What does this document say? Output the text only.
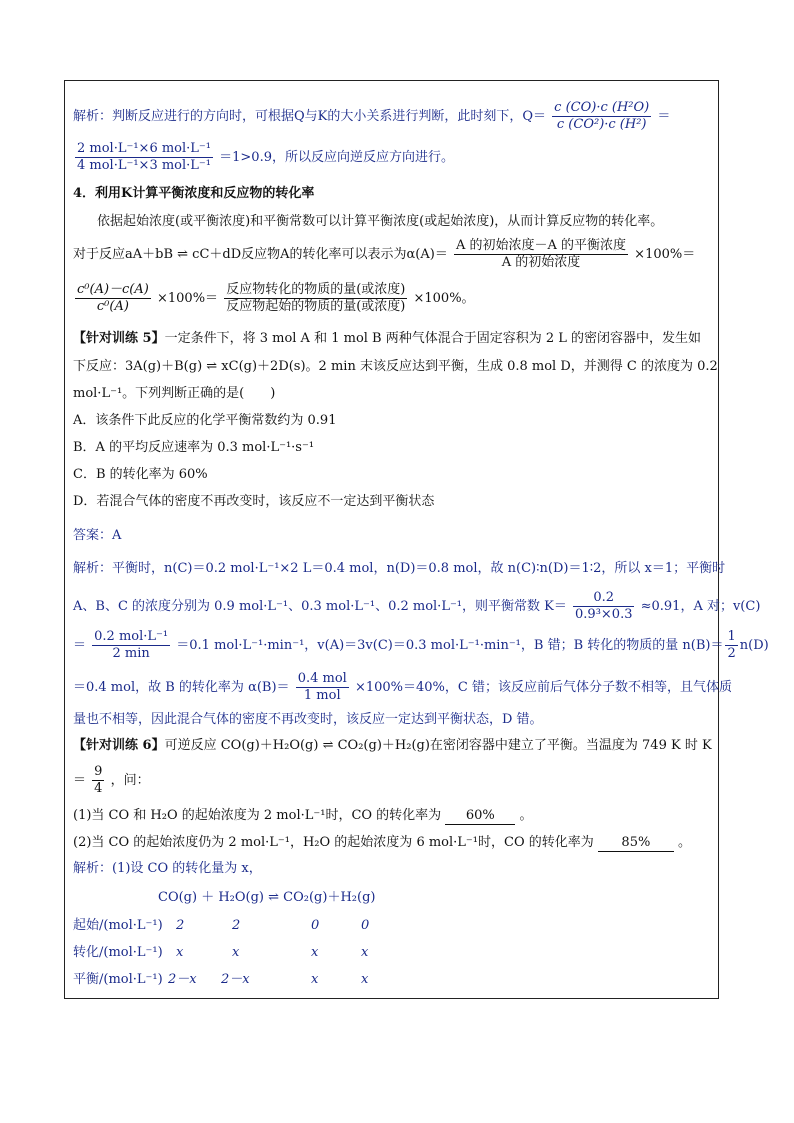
解析：判断反应进行的方向时，可根据Q与K的大小关系进行判断，此时刻下，$Q= \frac{\text{c (CO)·c (H²O)}}{\text{c (CO²)·c (H²)}}$ ＝
$\frac{\text{2 mol·L⁻¹×6 mol·L⁻¹}}{\text{4 mol·L⁻¹×3 mol·L⁻¹}} =1>0.9$，所以反应向逆反应方向进行。
4．利用K计算平衡浓度和反应物的转化率
依据起始浓度(或平衡浓度)和平衡常数可以计算平衡浓度(或起始浓度)，从而计算反应物的转化率。
对于反应aA＋bB ⇌ cC＋dD反应物A的转化率可以表示为$\alpha(A)= \frac{\text{A 的初始浓度－A 的平衡浓度}}{\text{A 的初始浓度}} \times 100\%=$
$\frac{\text{c⁰(A)－c(A)}}{\text{c⁰(A)}} \times 100\%= \frac{\text{反应物转化的物质的量(或浓度)}}{\text{反应物起始的物质的量(或浓度)}} \times 100\%$。
【针对训练 5】一定条件下，将 3 mol A 和 1 mol B 两种气体混合于固定容积为 2 L 的密闭容器中，发生如
下反应：3A(g)＋B(g) ⇌ xC(g)＋2D(s)。2 min 末该反应达到平衡，生成 0.8 mol D，并测得 C 的浓度为 0.2
mol·L⁻¹。下列判断正确的是(　　)
A．该条件下此反应的化学平衡常数约为 0.91
B．A 的平均反应速率为 0.3 mol·L⁻¹·s⁻¹
C．B 的转化率为 60%
D．若混合气体的密度不再改变时，该反应不一定达到平衡状态
答案：A
解析：平衡时，n(C)＝0.2 mol·L⁻¹×2 L＝0.4 mol，n(D)＝0.8 mol，故 n(C)∶n(D)＝1∶2，所以 x＝1；平衡时
A、B、C 的浓度分别为 0.9 mol·L⁻¹、0.3 mol·L⁻¹、0.2 mol·L⁻¹，则平衡常数 $K= \frac{0.2}{\text{0.9³×0.3}} \approx 0.91$，A 对；v(C)
＝ $\frac{\text{0.2 mol·L⁻¹}}{2 \min} =0.1$ mol·L⁻¹·min⁻¹，v(A)＝3v(C)＝0.3 mol·L⁻¹·min⁻¹，B 错；B 转化的物质的量 $n(B)= \frac{1}{2} n(D)$
＝0.4 mol，故 B 的转化率为 $\alpha(B)= \frac{\text{0.4 mol}}{\text{1 mol}} \times 100\%=40\%$，C 错；该反应前后气体分子数不相等，且气体质
量也不相等，因此混合气体的密度不再改变时，该反应一定达到平衡状态，D 错。
【针对训练 6】可逆反应 CO(g)＋H₂O(g) ⇌ CO₂(g)＋H₂(g)在密闭容器中建立了平衡。当温度为 749 K 时 K
＝ $\frac{9}{4}$ ，问：
(1)当 CO 和 H₂O 的起始浓度为 2 mol·L⁻¹时，CO 的转化率为 60% 。
(2)当 CO 的起始浓度仍为 2 mol·L⁻¹，H₂O 的起始浓度为 6 mol·L⁻¹时，CO 的转化率为 85% 。
解析：(1)设 CO 的转化量为 x，
CO(g) ＋ H₂O(g) ⇌ CO₂(g)＋H₂(g)
起始/(mol·L⁻¹) 2	2	0	0
转化/(mol·L⁻¹) x	x	x	x
平衡/(mol·L⁻¹) 2－x 2－x	x	x
